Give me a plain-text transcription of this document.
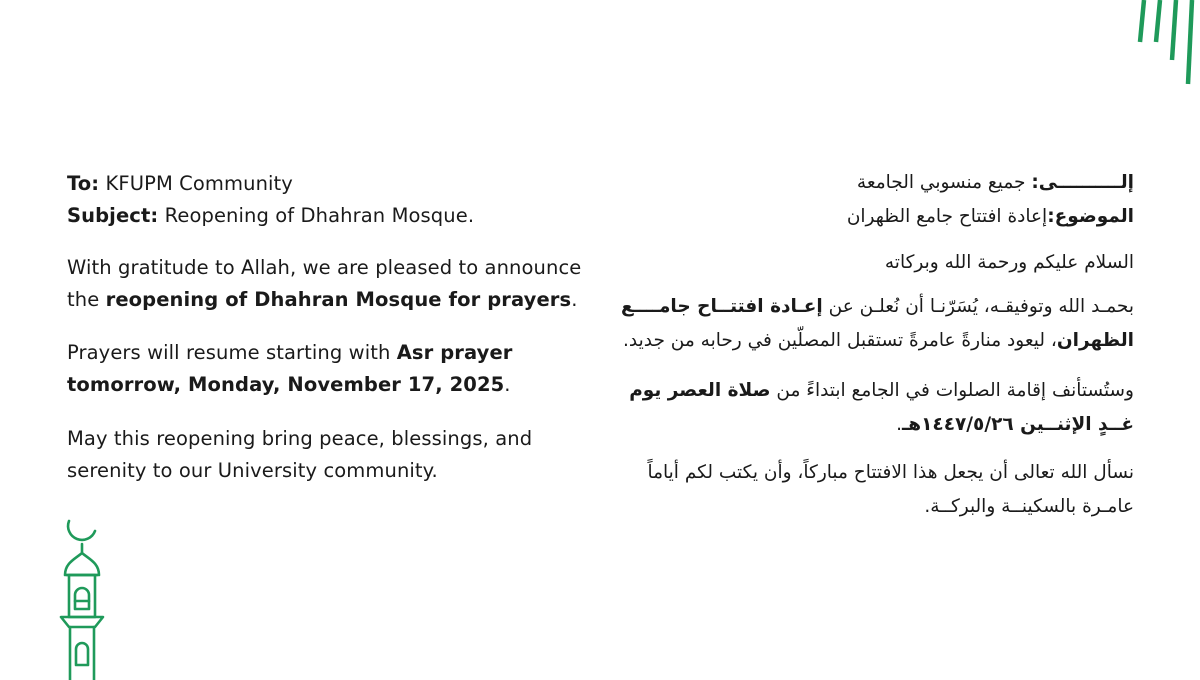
To: KFUPM Community

Subject: Reopening of Dhahran Mosque.

With gratitude to Allah, we are pleased to announce the reopening of Dhahran Mosque for prayers.

Prayers will resume starting with Asr prayer tomorrow, Monday, November 17, 2025.

May this reopening bring peace, blessings, and serenity to our University community.

إلــــــــــى: جميع منسوبي الجامعة

الموضوع:إعادة افتتاح جامع الظهران

السلام عليكم ورحمة الله وبركاته

بحمـد الله وتوفيقـه، يُسَرّنـا أن نُعلـن عن إعـادة افتتــاح جامــــع الظهران، ليعود منارةً عامرةً تستقبل المصلّين في رحابه من جديد.

وستُستأنف إقامة الصلوات في الجامع ابتداءً من صلاة العصر يوم غــدٍ الإثنــين ١٤٤٧/٥/٢٦هـ.

نسأل الله تعالى أن يجعل هذا الافتتاح مباركاً، وأن يكتب لكم أياماً عامـرة بالسكينــة والبركــة.
